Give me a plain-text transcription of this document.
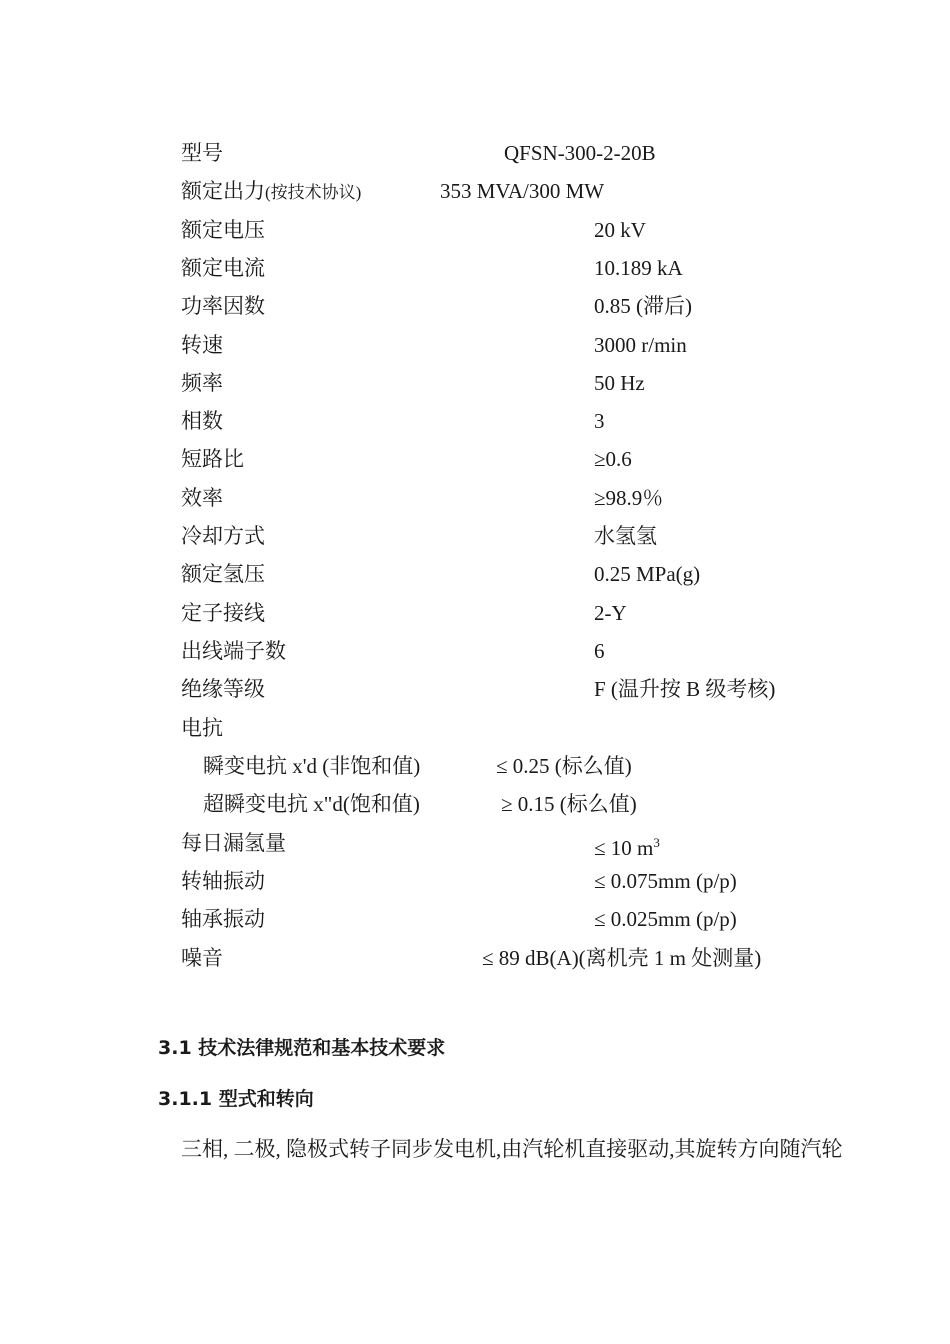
型号	QFSN-300-2-20B
额定出力(按技术协议)	353 MVA/300 MW
额定电压	20 kV
额定电流	10.189 kA
功率因数	0.85 (滞后)
转速	3000 r/min
频率	50 Hz
相数	3
短路比	≥0.6
效率	≥98.9％
冷却方式	水氢氢
额定氢压	0.25 MPa(g)
定子接线	2-Y
出线端子数	6
绝缘等级	F (温升按 B 级考核)
电抗
瞬变电抗 x'd (非饱和值)	≤ 0.25 (标么值)
超瞬变电抗 x"d(饱和值)	≥ 0.15 (标么值)
每日漏氢量	≤ 10 $m^3$
转轴振动	≤ 0.075mm (p/p)
轴承振动	≤ 0.025mm (p/p)
噪音	≤ 89 dB(A)(离机壳 1 m 处测量)
3.1 技术法律规范和基本技术要求
3.1.1 型式和转向
三相, 二极, 隐极式转子同步发电机,由汽轮机直接驱动,其旋转方向随汽轮
